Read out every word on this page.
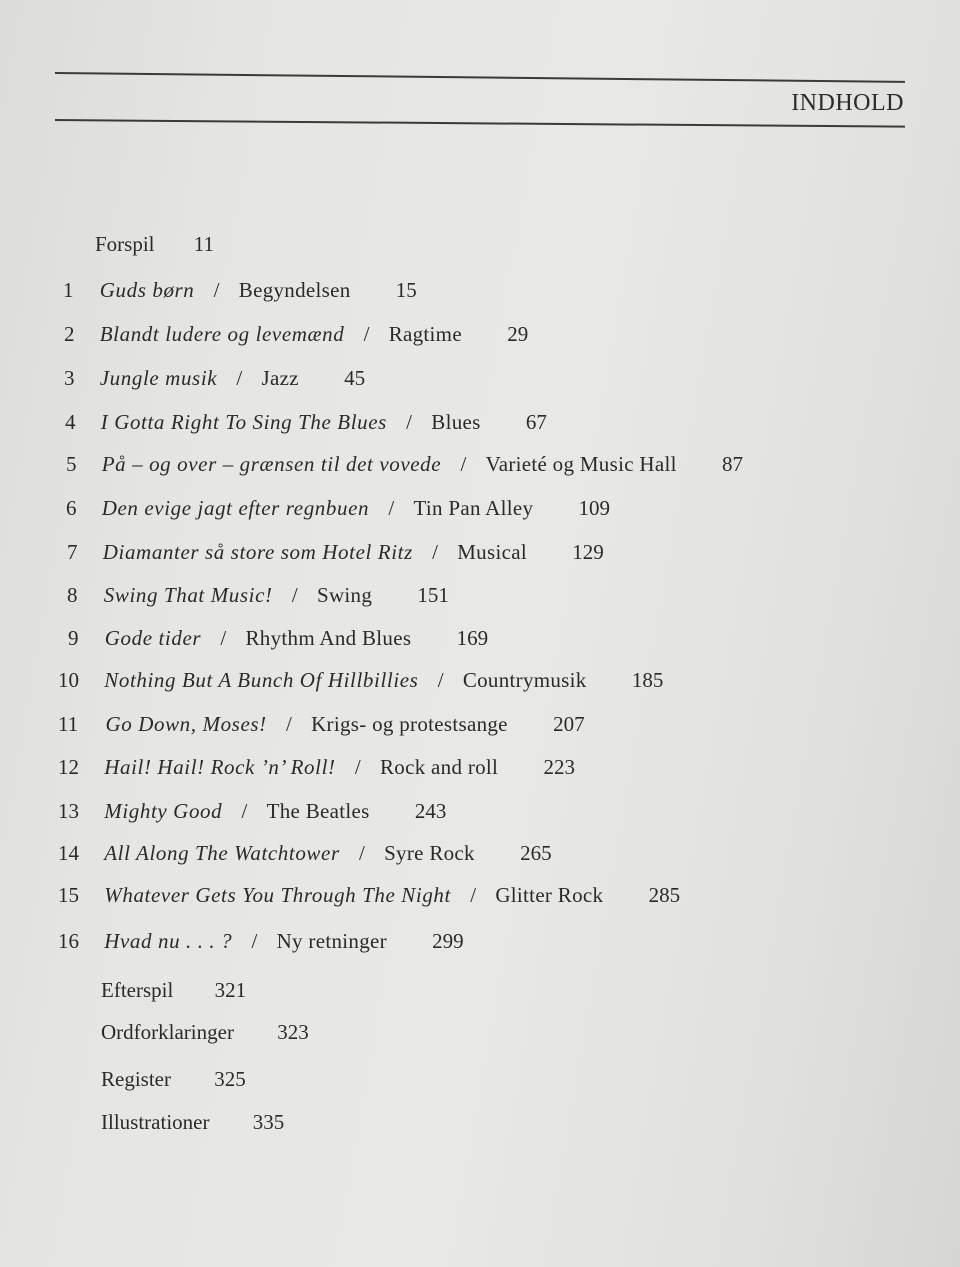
INDHOLD
Forspil 11
1 Guds børn / Begyndelsen 15
2 Blandt ludere og levemænd / Ragtime 29
3 Jungle musik / Jazz 45
4 I Gotta Right To Sing The Blues / Blues 67
5 På – og over – grænsen til det vovede / Varieté og Music Hall 87
6 Den evige jagt efter regnbuen / Tin Pan Alley 109
7 Diamanter så store som Hotel Ritz / Musical 129
8 Swing That Music! / Swing 151
9 Gode tider / Rhythm And Blues 169
10 Nothing But A Bunch Of Hillbillies / Countrymusik 185
11 Go Down, Moses! / Krigs- og protestsange 207
12 Hail! Hail! Rock ’n’ Roll! / Rock and roll 223
13 Mighty Good / The Beatles 243
14 All Along The Watchtower / Syre Rock 265
15 Whatever Gets You Through The Night / Glitter Rock 285
16 Hvad nu . . . ? / Ny retninger 299
Efterspil 321
Ordforklaringer 323
Register 325
Illustrationer 335
